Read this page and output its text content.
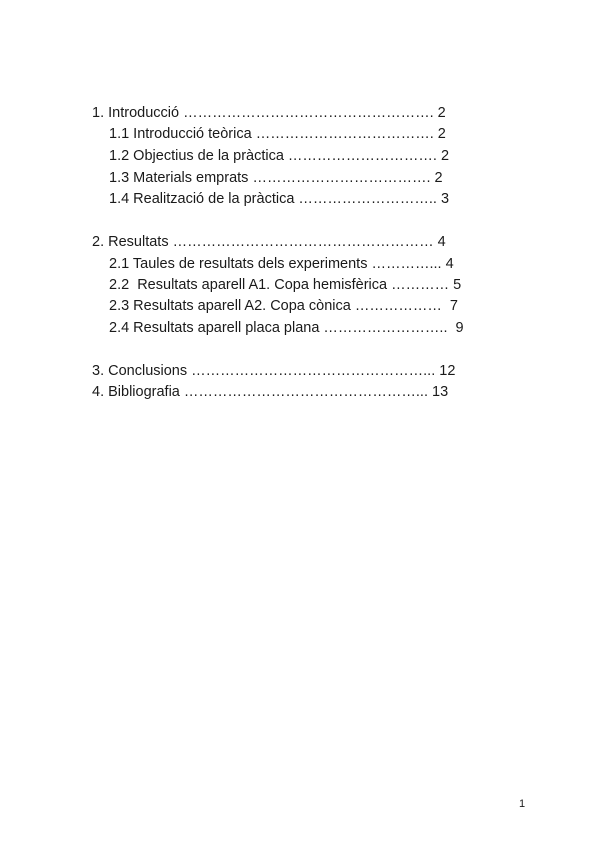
1. Introducció ……………………………………………. 2
1.1 Introducció teòrica ………………………………. 2
1.2 Objectius de la pràctica …………………………. 2
1.3 Materials emprats ………………………………. 2
1.4 Realització de la pràctica ……………………….. 3
2. Resultats ……………………………………………… 4
2.1 Taules de resultats dels experiments …………... 4
2.2  Resultats aparell A1. Copa hemisfèrica ………… 5
2.3 Resultats aparell A2. Copa cònica ………………  7
2.4 Resultats aparell placa plana ……………………..  9
3. Conclusions …………………………………………... 12
4. Bibliografia …………………………………………... 13
1
